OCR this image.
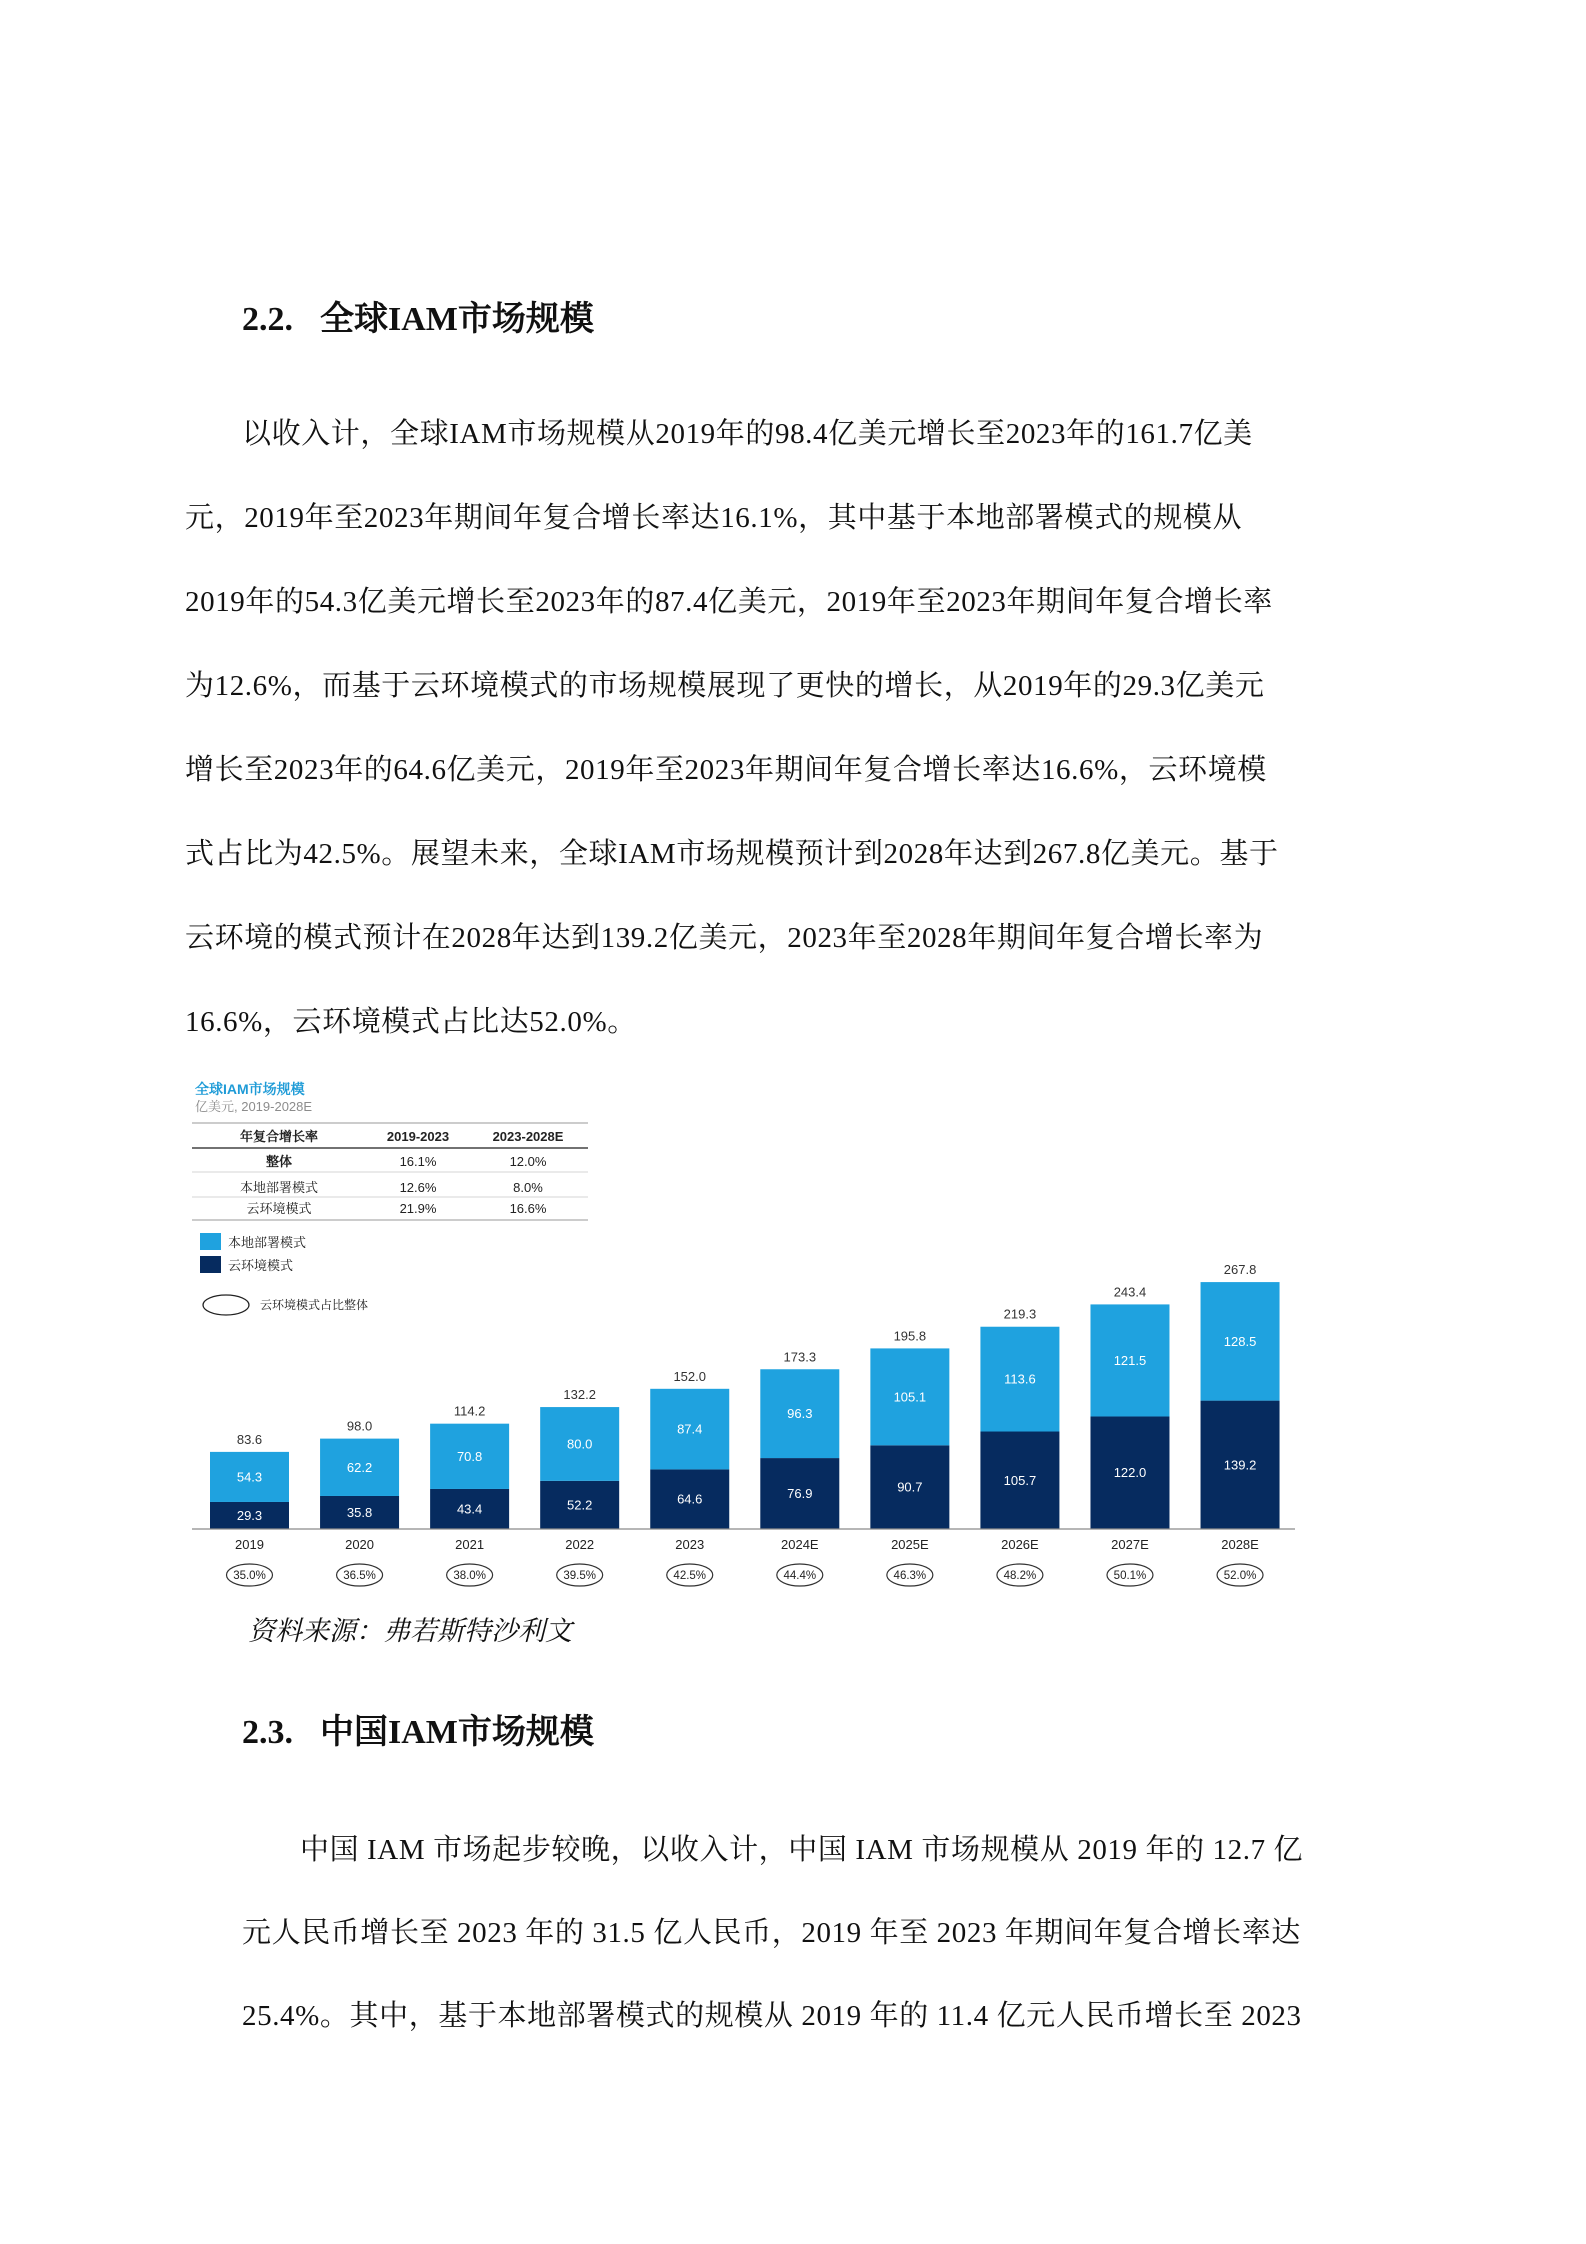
2.2. 全球IAM市场规模
以收入计，全球IAM市场规模从2019年的98.4亿美元增长至2023年的161.7亿美
元，2019年至2023年期间年复合增长率达16.1%，其中基于本地部署模式的规模从
2019年的54.3亿美元增长至2023年的87.4亿美元，2019年至2023年期间年复合增长率
为12.6%，而基于云环境模式的市场规模展现了更快的增长，从2019年的29.3亿美元
增长至2023年的64.6亿美元，2019年至2023年期间年复合增长率达16.6%，云环境模
式占比为42.5%。展望未来，全球IAM市场规模预计到2028年达到267.8亿美元。基于
云环境的模式预计在2028年达到139.2亿美元，2023年至2028年期间年复合增长率为
16.6%，云环境模式占比达52.0%。
全球IAM市场规模
亿美元, 2019-2028E
年复合增长率	2019-2023	2023-2028E
整体	16.1%	12.0%
本地部署模式	12.6%	8.0%
云环境模式	21.9%	16.6%
本地部署模式
云环境模式
云环境模式占比整体
29.3
54.3
83.6
2019
35.0%
35.8
62.2
98.0
2020
36.5%
43.4
70.8
114.2
2021
38.0%
52.2
80.0
132.2
2022
39.5%
64.6
87.4
152.0
2023
42.5%
76.9
96.3
173.3
2024E
44.4%
90.7
105.1
195.8
2025E
46.3%
105.7
113.6
219.3
2026E
48.2%
122.0
121.5
243.4
2027E
50.1%
139.2
128.5
267.8
2028E
52.0%
资料来源：弗若斯特沙利文
2.3. 中国IAM市场规模
中国 IAM 市场起步较晚，以收入计，中国 IAM 市场规模从 2019 年的 12.7 亿
元人民币增长至 2023 年的 31.5 亿人民币，2019 年至 2023 年期间年复合增长率达
25.4%。其中，基于本地部署模式的规模从 2019 年的 11.4 亿元人民币增长至 2023
